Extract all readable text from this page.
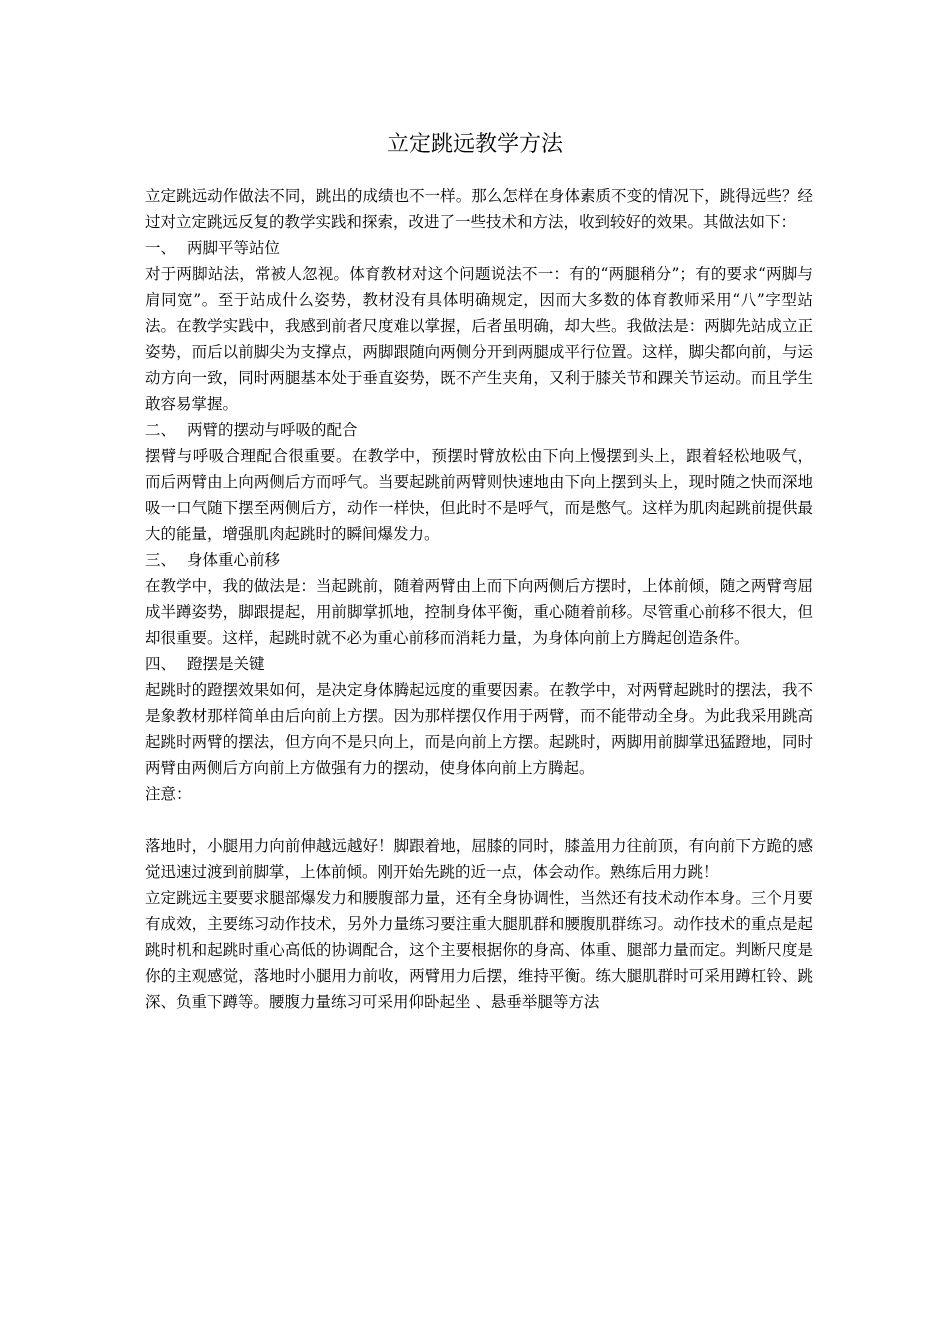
立定跳远教学方法

立定跳远动作做法不同，跳出的成绩也不一样。那么怎样在身体素质不变的情况下，跳得远些？经过对立定跳远反复的教学实践和探索，改进了一些技术和方法，收到较好的效果。其做法如下：

一、 两脚平等站位

对于两脚站法，常被人忽视。体育教材对这个问题说法不一：有的“两腿稍分”；有的要求“两脚与肩同宽”。至于站成什么姿势，教材没有具体明确规定，因而大多数的体育教师采用“八”字型站法。在教学实践中，我感到前者尺度难以掌握，后者虽明确，却大些。我做法是：两脚先站成立正姿势，而后以前脚尖为支撑点，两脚跟随向两侧分开到两腿成平行位置。这样，脚尖都向前，与运动方向一致，同时两腿基本处于垂直姿势，既不产生夹角，又利于膝关节和踝关节运动。而且学生敢容易掌握。

二、 两臂的摆动与呼吸的配合

摆臂与呼吸合理配合很重要。在教学中，预摆时臂放松由下向上慢摆到头上，跟着轻松地吸气， 而后两臂由上向两侧后方而呼气。当要起跳前两臂则快速地由下向上摆到头上，现时随之快而深地吸一口气随下摆至两侧后方，动作一样快，但此时不是呼气，而是憋气。这样为肌肉起跳前提供最大的能量，增强肌肉起跳时的瞬间爆发力。

三、 身体重心前移

在教学中，我的做法是：当起跳前，随着两臂由上而下向两侧后方摆时，上体前倾，随之两臂弯屈成半蹲姿势，脚跟提起，用前脚掌抓地，控制身体平衡，重心随着前移。尽管重心前移不很大，但却很重要。这样，起跳时就不必为重心前移而消耗力量，为身体向前上方腾起创造条件。

四、 蹬摆是关键

起跳时的蹬摆效果如何，是决定身体腾起远度的重要因素。在教学中，对两臂起跳时的摆法，我不是象教材那样简单由后向前上方摆。因为那样摆仅作用于两臂，而不能带动全身。为此我采用跳高起跳时两臂的摆法，但方向不是只向上，而是向前上方摆。起跳时，两脚用前脚掌迅猛蹬地，同时两臂由两侧后方向前上方做强有力的摆动，使身体向前上方腾起。

注意：

落地时，小腿用力向前伸越远越好！脚跟着地，屈膝的同时，膝盖用力往前顶，有向前下方跪的感觉迅速过渡到前脚掌，上体前倾。刚开始先跳的近一点，体会动作。熟练后用力跳！

立定跳远主要要求腿部爆发力和腰腹部力量，还有全身协调性，当然还有技术动作本身。三个月要有成效，主要练习动作技术，另外力量练习要注重大腿肌群和腰腹肌群练习。动作技术的重点是起跳时机和起跳时重心高低的协调配合，这个主要根据你的身高、体重、腿部力量而定。判断尺度是你的主观感觉，落地时小腿用力前收，两臂用力后摆，维持平衡。练大腿肌群时可采用蹲杠铃、跳深、负重下蹲等。腰腹力量练习可采用仰卧起坐 、悬垂举腿等方法
